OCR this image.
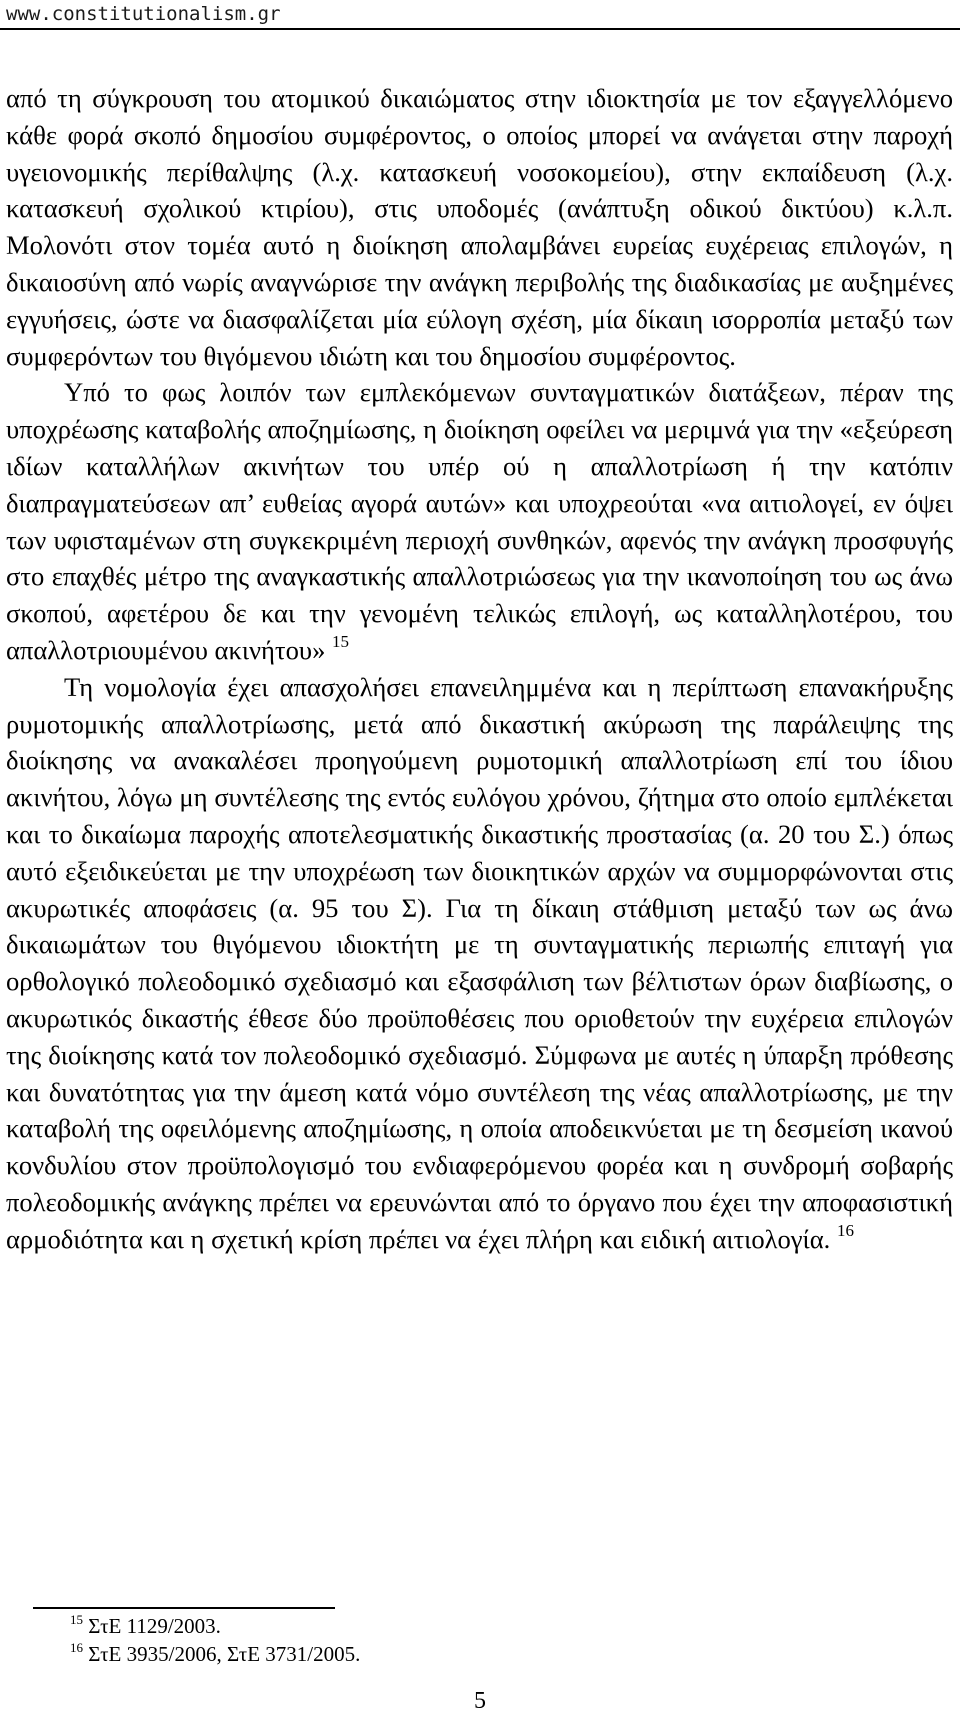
www.constitutionalism.gr

από τη σύγκρουση του ατομικού δικαιώματος στην ιδιοκτησία με τον εξαγγελλόμενο κάθε φορά σκοπό δημοσίου συμφέροντος, ο οποίος μπορεί να ανάγεται στην παροχή υγειονομικής περίθαλψης (λ.χ. κατασκευή νοσοκομείου), στην εκπαίδευση (λ.χ. κατασκευή σχολικού κτιρίου), στις υποδομές (ανάπτυξη οδικού δικτύου) κ.λ.π. Μολονότι στον τομέα αυτό η διοίκηση απολαμβάνει ευρείας ευχέρειας επιλογών, η δικαιοσύνη από νωρίς αναγνώρισε την ανάγκη περιβολής της διαδικασίας με αυξημένες εγγυήσεις, ώστε να διασφαλίζεται μία εύλογη σχέση, μία δίκαιη ισορροπία μεταξύ των συμφερόντων του θιγόμενου ιδιώτη και του δημοσίου συμφέροντος.

Υπό το φως λοιπόν των εμπλεκόμενων συνταγματικών διατάξεων, πέραν της υποχρέωσης καταβολής αποζημίωσης, η διοίκηση οφείλει να μεριμνά για την «εξεύρεση ιδίων καταλλήλων ακινήτων του υπέρ ού η απαλλοτρίωση ή την κατόπιν διαπραγματεύσεων απ’ ευθείας αγορά αυτών» και υποχρεούται «να αιτιολογεί, εν όψει των υφισταμένων στη συγκεκριμένη περιοχή συνθηκών, αφενός την ανάγκη προσφυγής στο επαχθές μέτρο της αναγκαστικής απαλλοτριώσεως για την ικανοποίηση του ως άνω σκοπού, αφετέρου δε και την γενομένη τελικώς επιλογή, ως καταλληλοτέρου, του απαλλοτριουμένου ακινήτου» $^{15}$

Τη νομολογία έχει απασχολήσει επανειλημμένα και η περίπτωση επανακήρυξης ρυμοτομικής απαλλοτρίωσης, μετά από δικαστική ακύρωση της παράλειψης της διοίκησης να ανακαλέσει προηγούμενη ρυμοτομική απαλλοτρίωση επί του ίδιου ακινήτου, λόγω μη συντέλεσης της εντός ευλόγου χρόνου, ζήτημα στο οποίο εμπλέκεται και το δικαίωμα παροχής αποτελεσματικής δικαστικής προστασίας (α. 20 του Σ.) όπως αυτό εξειδικεύεται με την υποχρέωση των διοικητικών αρχών να συμμορφώνονται στις ακυρωτικές αποφάσεις (α. 95 του Σ). Για τη δίκαιη στάθμιση μεταξύ των ως άνω δικαιωμάτων του θιγόμενου ιδιοκτήτη με τη συνταγματικής περιωπής επιταγή για ορθολογικό πολεοδομικό σχεδιασμό και εξασφάλιση των βέλτιστων όρων διαβίωσης, ο ακυρωτικός δικαστής έθεσε δύο προϋποθέσεις που οριοθετούν την ευχέρεια επιλογών της διοίκησης κατά τον πολεοδομικό σχεδιασμό. Σύμφωνα με αυτές η ύπαρξη πρόθεσης και δυνατότητας για την άμεση κατά νόμο συντέλεση της νέας απαλλοτρίωσης, με την καταβολή της οφειλόμενης αποζημίωσης, η οποία αποδεικνύεται με τη δεσμείση ικανού κονδυλίου στον προϋπολογισμό του ενδιαφερόμενου φορέα και η συνδρομή σοβαρής πολεοδομικής ανάγκης πρέπει να ερευνώνται από το όργανο που έχει την αποφασιστική αρμοδιότητα και η σχετική κρίση πρέπει να έχει πλήρη και ειδική αιτιολογία. $^{16}$

$^{15}$ ΣτΕ 1129/2003.
$^{16}$ ΣτΕ 3935/2006, ΣτΕ 3731/2005.
5
